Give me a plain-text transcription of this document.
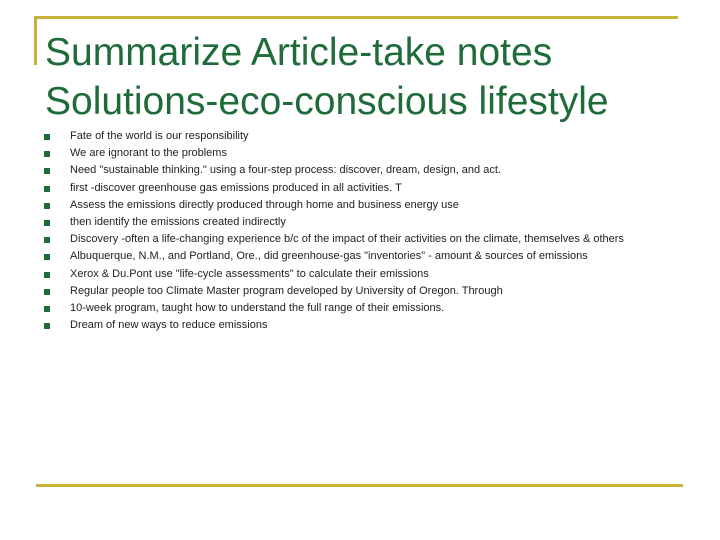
Summarize Article-take notes
Solutions-eco-conscious lifestyle
Fate of the world is our responsibility
We are ignorant to the problems
Need "sustainable thinking." using a four-step process: discover, dream, design, and act.
first -discover greenhouse gas emissions produced in all activities. T
Assess the emissions directly produced through home and business energy use
then identify the emissions created indirectly
Discovery -often a life-changing experience b/c of the impact of their activities on the climate, themselves & others
Albuquerque, N.M., and Portland, Ore., did greenhouse-gas "inventories" - amount & sources of emissions
Xerox & Du.Pont use "life-cycle assessments" to calculate their emissions
Regular people too Climate Master program developed by University of Oregon. Through
10-week program, taught how to understand the full range of their emissions.
Dream of new ways to reduce emissions
